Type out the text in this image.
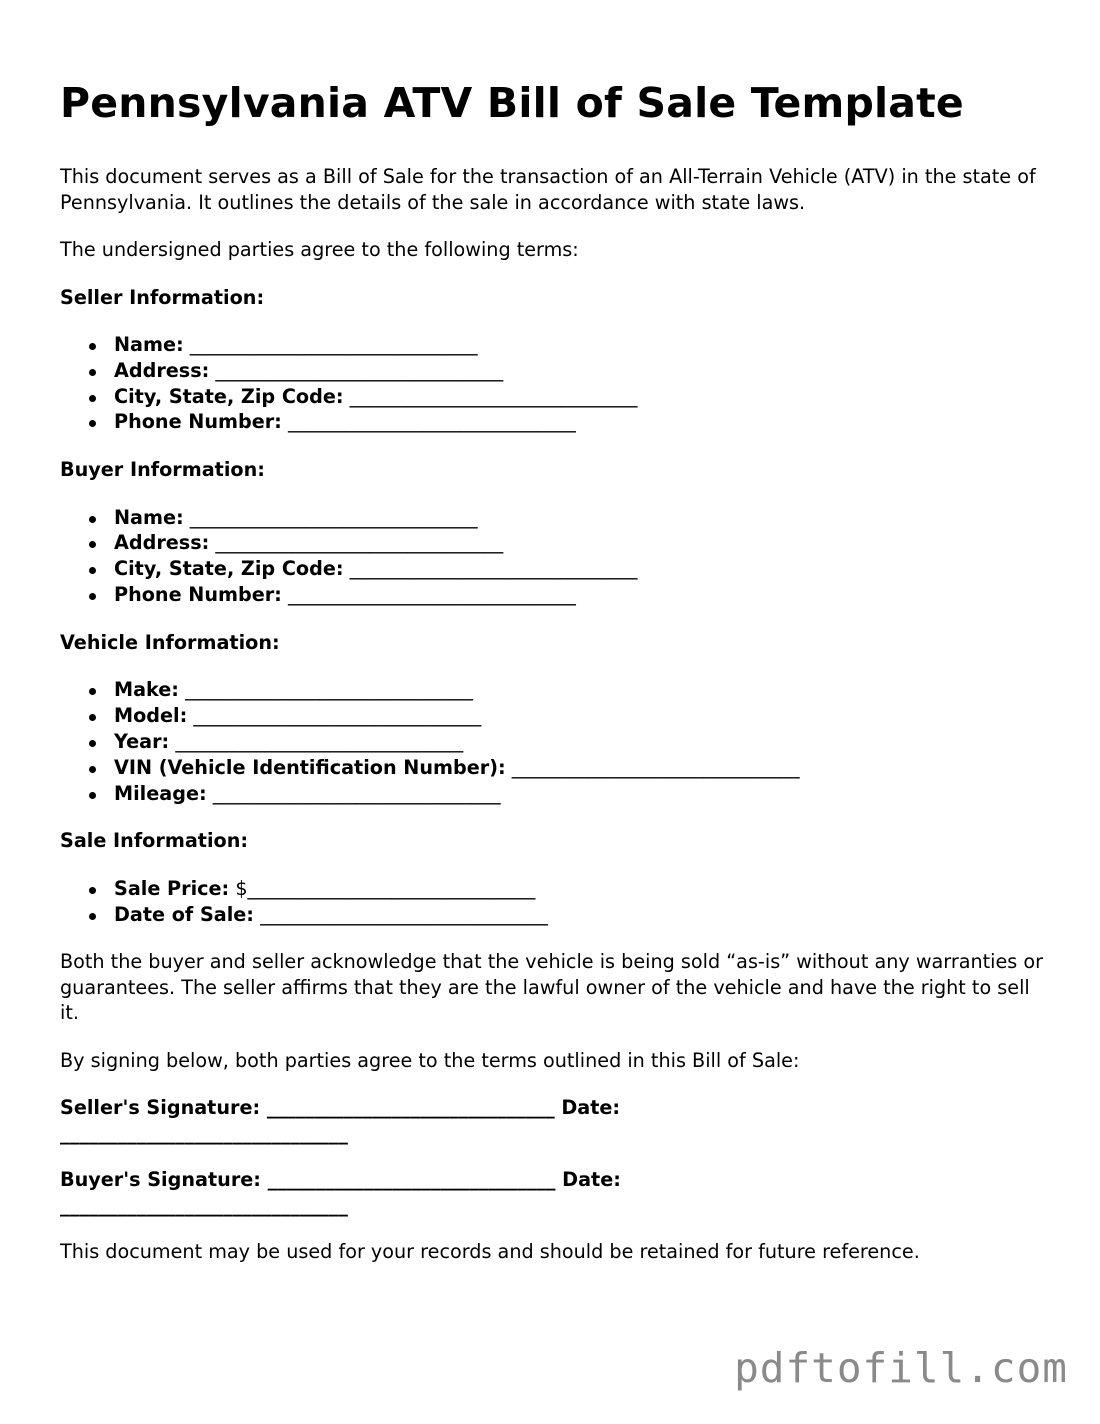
Pennsylvania ATV Bill of Sale Template

This document serves as a Bill of Sale for the transaction of an All-Terrain Vehicle (ATV) in the state of Pennsylvania. It outlines the details of the sale in accordance with state laws.

The undersigned parties agree to the following terms:

Seller Information:
Name: ______________________________
Address: ______________________________
City, State, Zip Code: ______________________________
Phone Number: ______________________________
Buyer Information:
Name: ______________________________
Address: ______________________________
City, State, Zip Code: ______________________________
Phone Number: ______________________________
Vehicle Information:
Make: ______________________________
Model: ______________________________
Year: ______________________________
VIN (Vehicle Identification Number): ______________________________
Mileage: ______________________________
Sale Information:
Sale Price: $______________________________
Date of Sale: ______________________________

Both the buyer and seller acknowledge that the vehicle is being sold “as-is” without any warranties or guarantees. The seller affirms that they are the lawful owner of the vehicle and have the right to sell it.

By signing below, both parties agree to the terms outlined in this Bill of Sale:

Seller's Signature: ______________________________ Date: ______________________________
Buyer's Signature: ______________________________ Date: ______________________________

This document may be used for your records and should be retained for future reference.

pdftofill.com
